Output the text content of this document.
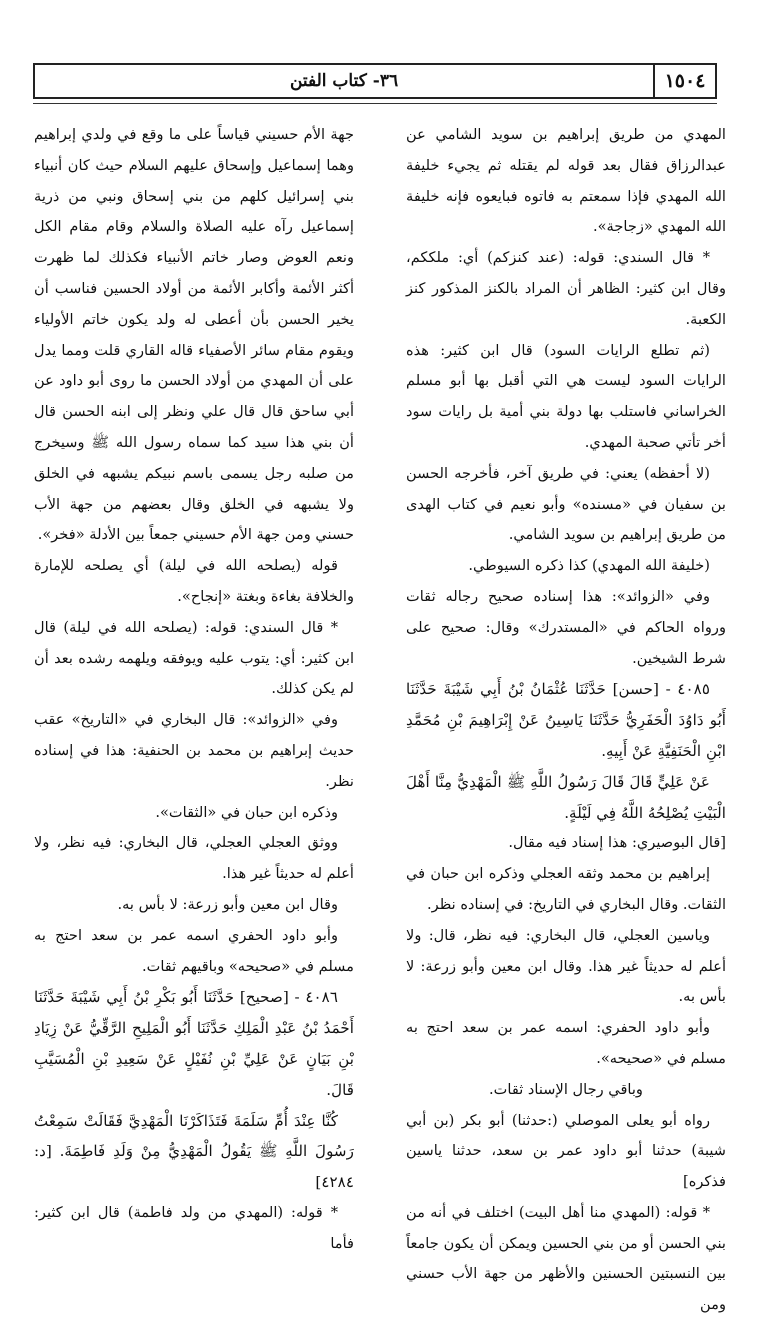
١٥٠٤
٣٦- كتاب الفتن

المهدي من طريق إبراهيم بن سويد الشامي عن عبدالرزاق فقال بعد قوله لم يقتله ثم يجيء خليفة الله المهدي فإذا سمعتم به فاتوه فبايعوه فإنه خليفة الله المهدي «زجاجة».

* قال السندي: قوله: (عند كنزكم) أي: ملككم، وقال ابن كثير: الظاهر أن المراد بالكنز المذكور كنز الكعبة.

(ثم تطلع الرايات السود) قال ابن كثير: هذه الرايات السود ليست هي التي أقبل بها أبو مسلم الخراساني فاستلب بها دولة بني أمية بل رايات سود أخر تأتي صحبة المهدي.

(لا أحفظه) يعني: في طريق آخر، فأخرجه الحسن بن سفيان في «مسنده» وأبو نعيم في كتاب الهدى من طريق إبراهيم بن سويد الشامي.

(خليفة الله المهدي) كذا ذكره السيوطي.

وفي «الزوائد»: هذا إسناده صحيح رجاله ثقات ورواه الحاكم في «المستدرك» وقال: صحيح على شرط الشيخين.

٤٠٨٥ - [حسن] حَدَّثَنَا عُثْمَانُ بْنُ أَبِي شَيْبَةَ حَدَّثَنَا أَبُو دَاوُدَ الْحَفَرِيُّ حَدَّثَنَا يَاسِينُ عَنْ إِبْرَاهِيمَ بْنِ مُحَمَّدِ ابْنِ الْحَنَفِيَّةِ عَنْ أَبِيهِ.

عَنْ عَلِيٍّ قَالَ قَالَ رَسُولُ اللَّهِ ﷺ الْمَهْدِيُّ مِنَّا أَهْلَ الْبَيْتِ يُصْلِحُهُ اللَّهُ فِي لَيْلَةٍ.

[قال البوصيري: هذا إسناد فيه مقال.

إبراهيم بن محمد وثقه العجلي وذكره ابن حبان في الثقات. وقال البخاري في التاريخ: في إسناده نظر.

وياسين العجلي، قال البخاري: فيه نظر، قال: ولا أعلم له حديثاً غير هذا. وقال ابن معين وأبو زرعة: لا بأس به.

وأبو داود الحفري: اسمه عمر بن سعد احتج به مسلم في «صحيحه».

وباقي رجال الإسناد ثقات.

رواه أبو يعلى الموصلي (:حدثنا) أبو بكر (بن أبي شيبة) حدثنا أبو داود عمر بن سعد، حدثنا ياسين فذكره]

* قوله: (المهدي منا أهل البيت) اختلف في أنه من بني الحسن أو من بني الحسين ويمكن أن يكون جامعاً بين النسبتين الحسنين والأظهر من جهة الأب حسني ومن

جهة الأم حسيني قياساً على ما وقع في ولدي إبراهيم وهما إسماعيل وإسحاق عليهم السلام حيث كان أنبياء بني إسرائيل كلهم من بني إسحاق ونبي من ذرية إسماعيل رآه عليه الصلاة والسلام وقام مقام الكل ونعم العوض وصار خاتم الأنبياء فكذلك لما ظهرت أكثر الأئمة وأكابر الأئمة من أولاد الحسين فناسب أن يخير الحسن بأن أعطى له ولد يكون خاتم الأولياء ويقوم مقام سائر الأصفياء قاله القاري قلت ومما يدل على أن المهدي من أولاد الحسن ما روى أبو داود عن أبي ساحق قال قال علي ونظر إلى ابنه الحسن قال أن بني هذا سيد كما سماه رسول الله ﷺ وسيخرج من صلبه رجل يسمى باسم نبيكم يشبهه في الخلق ولا يشبهه في الخلق وقال بعضهم من جهة الأب حسني ومن جهة الأم حسيني جمعاً بين الأدلة «فخر».

قوله (يصلحه الله في ليلة) أي يصلحه للإمارة والخلافة بغاءة وبغتة «إنجاح».

* قال السندي: قوله: (يصلحه الله في ليلة) قال ابن كثير: أي: يتوب عليه ويوفقه ويلهمه رشده بعد أن لم يكن كذلك.

وفي «الزوائد»: قال البخاري في «التاريخ» عقب حديث إبراهيم بن محمد بن الحنفية: هذا في إسناده نظر.

وذكره ابن حبان في «الثقات».

ووثق العجلي العجلي، قال البخاري: فيه نظر، ولا أعلم له حديثاً غير هذا.

وقال ابن معين وأبو زرعة: لا بأس به.

وأبو داود الحفري اسمه عمر بن سعد احتج به مسلم في «صحيحه» وباقيهم ثقات.

٤٠٨٦ - [صحيح] حَدَّثَنَا أَبُو بَكْرِ بْنُ أَبِي شَيْبَةَ حَدَّثَنَا أَحْمَدُ بْنُ عَبْدِ الْمَلِكِ حَدَّثَنَا أَبُو الْمَلِيحِ الرَّقِّيُّ عَنْ زِيَادِ بْنِ بَيَانٍ عَنْ عَلِيِّ بْنِ نُفَيْلٍ عَنْ سَعِيدِ بْنِ الْمُسَيَّبِ قَالَ.

كُنَّا عِنْدَ أُمِّ سَلَمَةَ فَتَذَاكَرْنَا الْمَهْدِيَّ فَقَالَتْ سَمِعْتُ رَسُولَ اللَّهِ ﷺ يَقُولُ الْمَهْدِيُّ مِنْ وَلَدِ فَاطِمَةَ. [د: ٤٢٨٤]

* قوله: (المهدي من ولد فاطمة) قال ابن كثير: فأما
